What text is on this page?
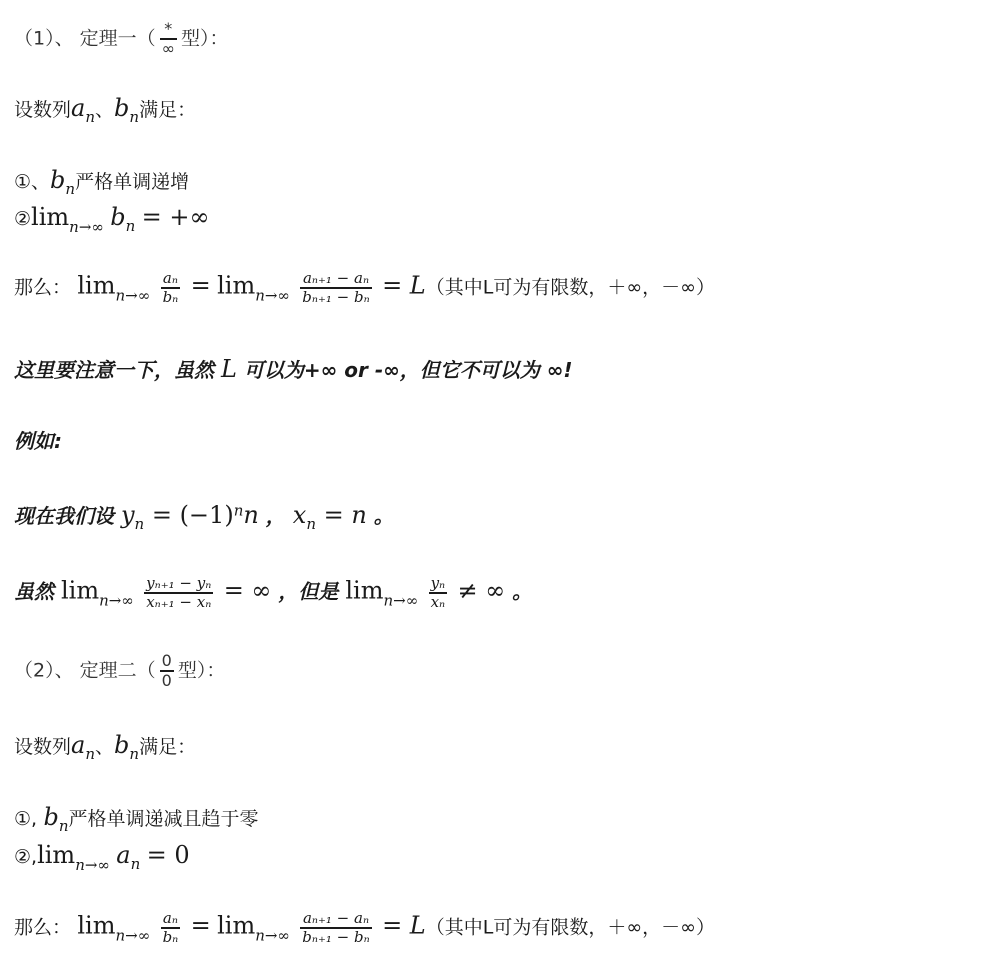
（1）、 定理一（ $\frac{*}{\infty}$ 型）：
设数列$a_n$、$b_n$满足：
①、$b_n$严格单调递增
$②\lim_{n\to\infty}$ $b_n$ = +∞
那么： $\lim_{n\to\infty} \frac{\text{aₙ}}{\text{bₙ}} = \lim_{n\to\infty} \frac{\text{aₙ₊₁ − aₙ}}{\text{bₙ₊₁ − bₙ}} = L$（其中L可为有限数，＋∞，－∞）
这里要注意一下，虽然 L 可以为+∞ or -∞，但它不可以为 ∞!
例如:
现在我们设 $y_n = (-1)^nn$ ， $x_n = n$ 。
虽然 $\lim_{n\to\infty} \frac{\text{yₙ₊₁ − yₙ}}{\text{xₙ₊₁ − xₙ}}$ = ∞ ，但是 $\lim_{n\to\infty} \frac{\text{yₙ}}{\text{xₙ}}$ ≠ ∞ 。
（2）、 定理二（ $\frac{0}{0}$ 型）：
设数列$a_n$、$b_n$满足：
①, $b_n$严格单调递减且趋于零
$②,\lim_{n\to\infty}$ $a_n = 0$
那么： $\lim_{n\to\infty} \frac{\text{aₙ}}{\text{bₙ}} = \lim_{n\to\infty} \frac{\text{aₙ₊₁ − aₙ}}{\text{bₙ₊₁ − bₙ}} = L$（其中L可为有限数，＋∞，－∞）
